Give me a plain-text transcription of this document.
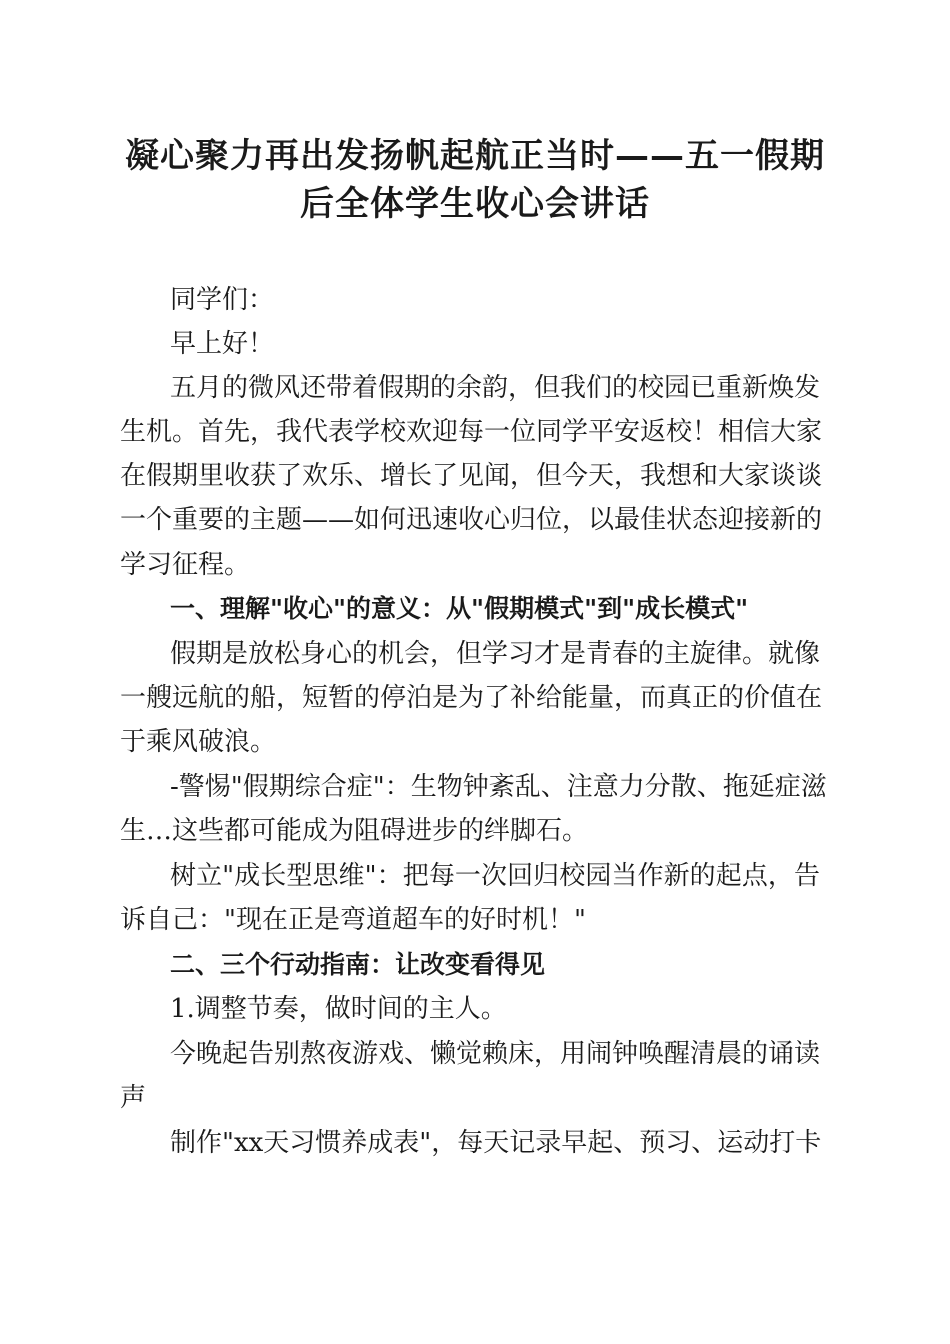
凝心聚力再出发扬帆起航正当时——五一假期
后全体学生收心会讲话

同学们：

早上好！

五月的微风还带着假期的余韵，但我们的校园已重新焕发

生机。首先，我代表学校欢迎每一位同学平安返校！相信大家

在假期里收获了欢乐、增长了见闻，但今天，我想和大家谈谈

一个重要的主题——如何迅速收心归位，以最佳状态迎接新的

学习征程。

一、理解"收心"的意义：从"假期模式"到"成长模式"

假期是放松身心的机会，但学习才是青春的主旋律。就像

一艘远航的船，短暂的停泊是为了补给能量，而真正的价值在

于乘风破浪。

-警惕"假期综合症"：生物钟紊乱、注意力分散、拖延症滋

生…这些都可能成为阻碍进步的绊脚石。

树立"成长型思维"：把每一次回归校园当作新的起点，告

诉自己："现在正是弯道超车的好时机！"

二、三个行动指南：让改变看得见

1.调整节奏，做时间的主人。

今晚起告别熬夜游戏、懒觉赖床，用闹钟唤醒清晨的诵读

声

制作"xx天习惯养成表"，每天记录早起、预习、运动打卡
